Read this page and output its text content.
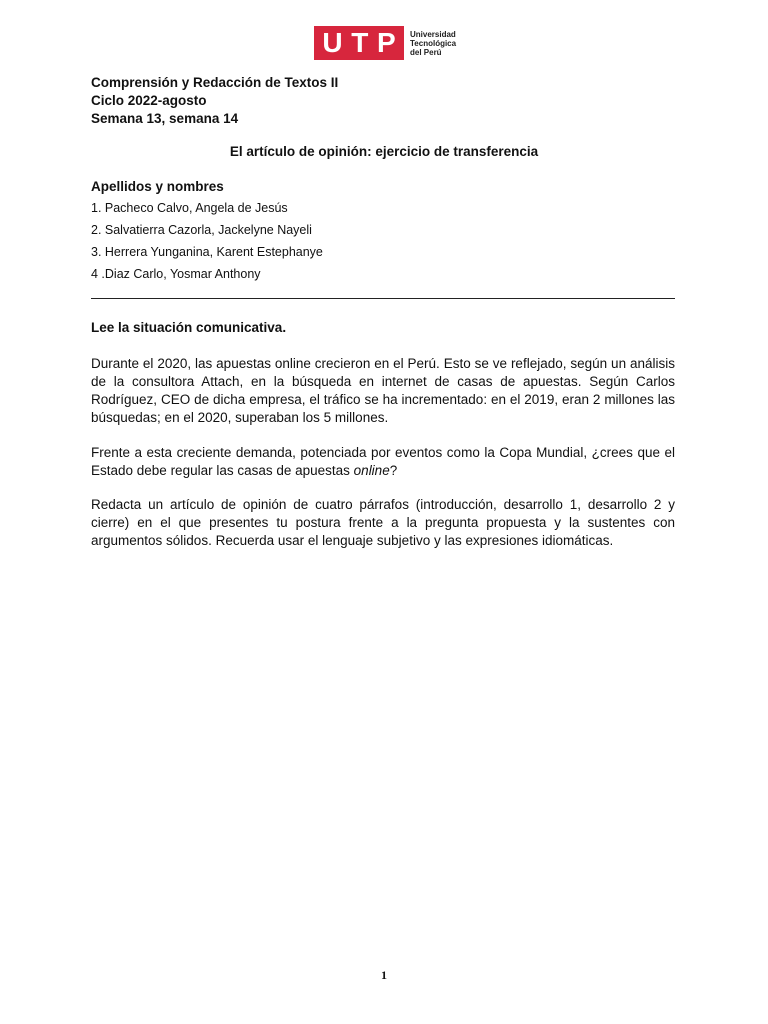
U T P Universidad
Tecnológica
del Perú
Comprensión y Redacción de Textos II
Ciclo 2022-agosto
Semana 13, semana 14
El artículo de opinión: ejercicio de transferencia
Apellidos y nombres
1. Pacheco Calvo, Angela de Jesús
2. Salvatierra Cazorla, Jackelyne Nayeli
3. Herrera Yunganina, Karent Estephanye
4 .Diaz Carlo, Yosmar Anthony
Lee la situación comunicativa.
Durante el 2020, las apuestas online crecieron en el Perú. Esto se ve reflejado, según un análisis de la consultora Attach, en la búsqueda en internet de casas de apuestas. Según Carlos Rodríguez, CEO de dicha empresa, el tráfico se ha incrementado: en el 2019, eran 2 millones las búsquedas; en el 2020, superaban los 5 millones.
Frente a esta creciente demanda, potenciada por eventos como la Copa Mundial, ¿crees que el Estado debe regular las casas de apuestas online?
Redacta un artículo de opinión de cuatro párrafos (introducción, desarrollo 1, desarrollo 2 y cierre) en el que presentes tu postura frente a la pregunta propuesta y la sustentes con argumentos sólidos. Recuerda usar el lenguaje subjetivo y las expresiones idiomáticas.
1
